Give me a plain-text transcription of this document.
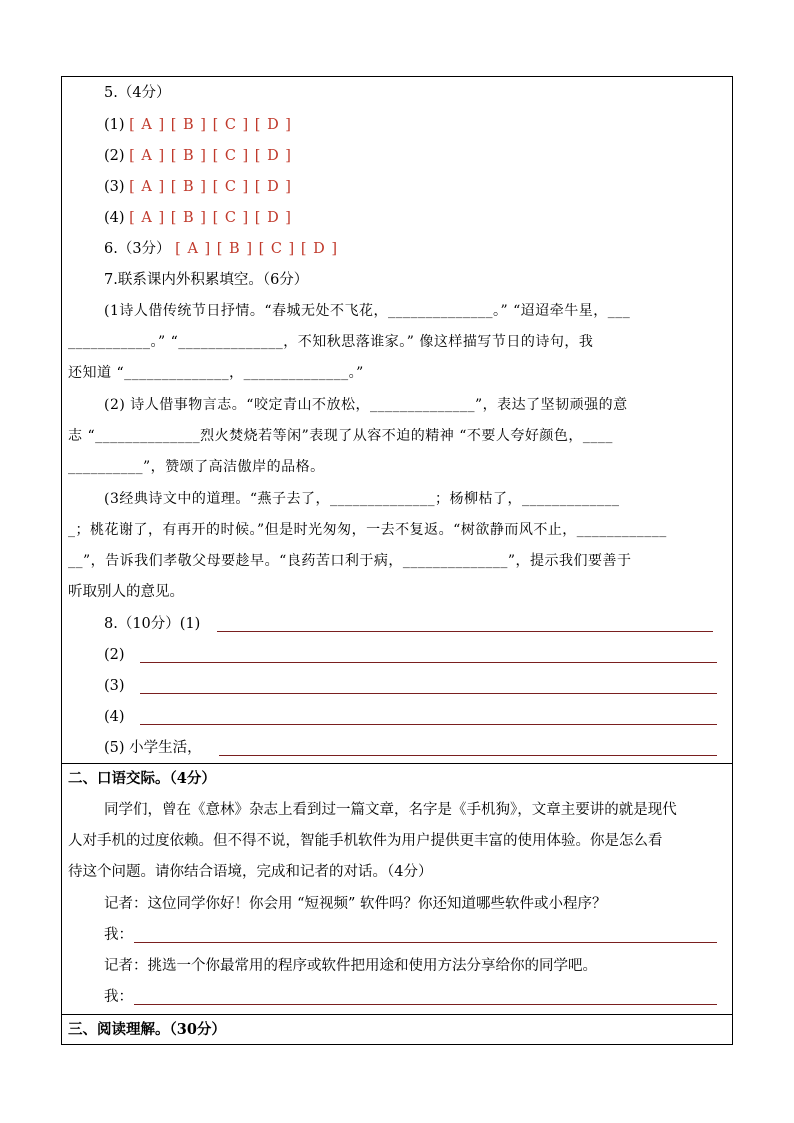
5.（4分）
(1) [ A ] [ B ] [ C ] [ D ]
(2) [ A ] [ B ] [ C ] [ D ]
(3) [ A ] [ B ] [ C ] [ D ]
(4) [ A ] [ B ] [ C ] [ D ]
6.（3分） [ A ] [ B ] [ C ] [ D ]
7.联系课内外积累填空。（6分）
(1诗人借传统节日抒情。“春城无处不飞花，______________。” “迢迢牵牛星，___
___________。” “______________，不知秋思落谁家。” 像这样描写节日的诗句，我
还知道 “______________，______________。”
(2) 诗人借事物言志。“咬定青山不放松，______________”，表达了坚韧顽强的意
志 “______________烈火焚烧若等闲”表现了从容不迫的精神 “不要人夸好颜色，____
__________”，赞颂了高洁傲岸的品格。
(3经典诗文中的道理。“燕子去了，______________；杨柳枯了，_____________
_；桃花谢了，有再开的时候。”但是时光匆匆，一去不复返。“树欲静而风不止，____________
__”，告诉我们孝敬父母要趁早。“良药苦口利于病，______________”，提示我们要善于
听取别人的意见。
8.（10分）(1)
(2)
(3)
(4)
(5) 小学生活，
二、口语交际。（4分）
同学们，曾在《意林》杂志上看到过一篇文章，名字是《手机狗》，文章主要讲的就是现代
人对手机的过度依赖。但不得不说，智能手机软件为用户提供更丰富的使用体验。你是怎么看
待这个问题。请你结合语境，完成和记者的对话。（4分）
记者：这位同学你好！你会用 “短视频” 软件吗？你还知道哪些软件或小程序？
我：
记者：挑选一个你最常用的程序或软件把用途和使用方法分享给你的同学吧。
我：
三、阅读理解。（30分）
